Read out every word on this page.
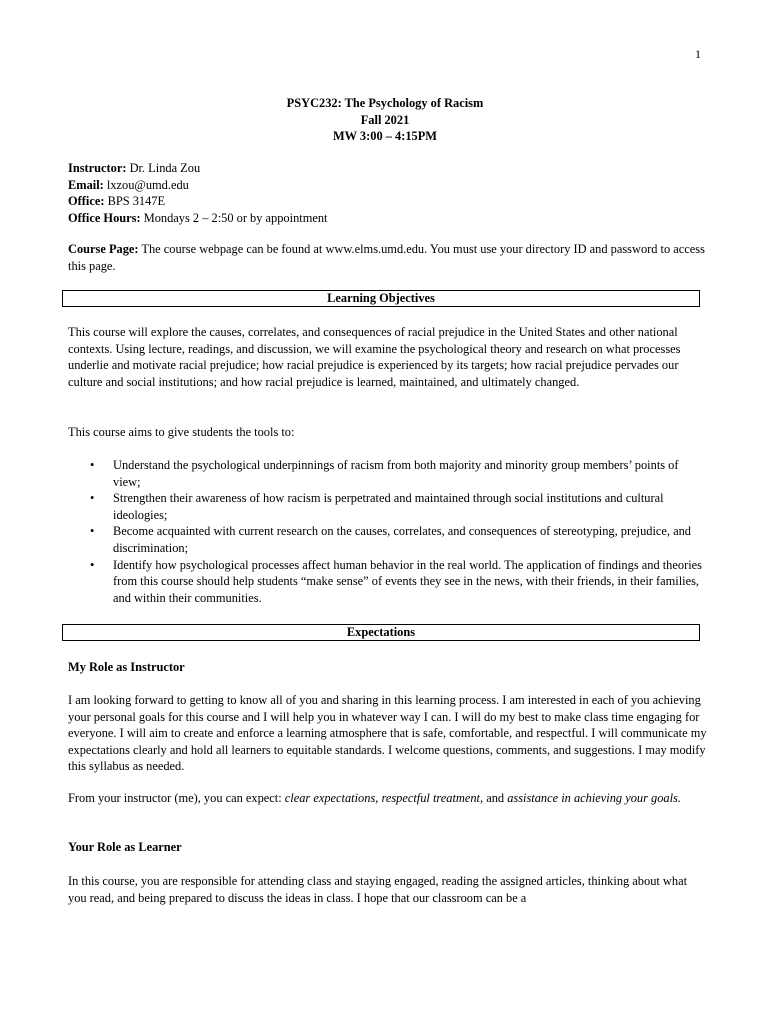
1
PSYC232: The Psychology of Racism
Fall 2021
MW 3:00 – 4:15PM
Instructor: Dr. Linda Zou
Email: lxzou@umd.edu
Office: BPS 3147E
Office Hours: Mondays 2 – 2:50 or by appointment
Course Page: The course webpage can be found at www.elms.umd.edu. You must use your directory ID and password to access this page.
Learning Objectives
This course will explore the causes, correlates, and consequences of racial prejudice in the United States and other national contexts. Using lecture, readings, and discussion, we will examine the psychological theory and research on what processes underlie and motivate racial prejudice; how racial prejudice is experienced by its targets; how racial prejudice pervades our culture and social institutions; and how racial prejudice is learned, maintained, and ultimately changed.
This course aims to give students the tools to:
• Understand the psychological underpinnings of racism from both majority and minority group members’ points of view;
• Strengthen their awareness of how racism is perpetrated and maintained through social institutions and cultural ideologies;
• Become acquainted with current research on the causes, correlates, and consequences of stereotyping, prejudice, and discrimination;
• Identify how psychological processes affect human behavior in the real world. The application of findings and theories from this course should help students “make sense” of events they see in the news, with their friends, in their families, and within their communities.
Expectations
My Role as Instructor
I am looking forward to getting to know all of you and sharing in this learning process. I am interested in each of you achieving your personal goals for this course and I will help you in whatever way I can. I will do my best to make class time engaging for everyone. I will aim to create and enforce a learning atmosphere that is safe, comfortable, and respectful. I will communicate my expectations clearly and hold all learners to equitable standards. I welcome questions, comments, and suggestions. I may modify this syllabus as needed.
From your instructor (me), you can expect: clear expectations, respectful treatment, and assistance in achieving your goals.
Your Role as Learner
In this course, you are responsible for attending class and staying engaged, reading the assigned articles, thinking about what you read, and being prepared to discuss the ideas in class. I hope that our classroom can be a
